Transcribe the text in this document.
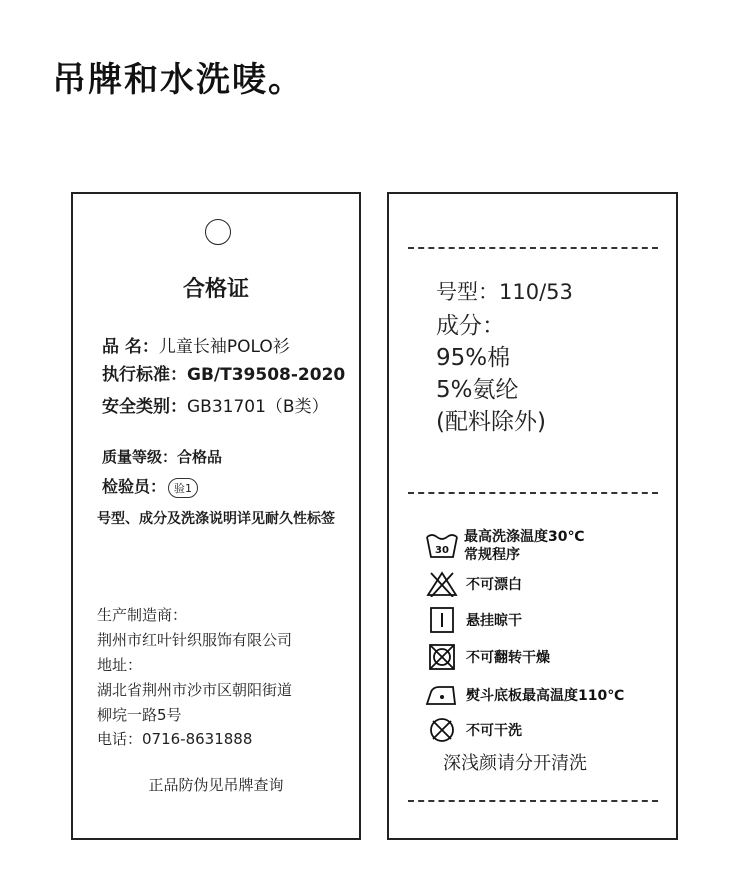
吊牌和水洗唛。
合格证
品 名：儿童长袖POLO衫
执行标准：GB/T39508-2020
安全类别：GB31701（B类）
质量等级：合格品
检验员： 验1
号型、成分及洗涤说明详见耐久性标签
生产制造商：
荆州市红叶针织服饰有限公司
地址：
湖北省荆州市沙市区朝阳街道
柳垸一路5号
电话：0716-8631888
正品防伪见吊牌查询
号型：110/53
成分：
95%棉
5%氨纶
(配料除外)
30
最高洗涤温度30℃
常规程序
不可漂白
悬挂晾干
不可翻转干燥
熨斗底板最高温度110℃
不可干洗
深浅颜请分开清洗
